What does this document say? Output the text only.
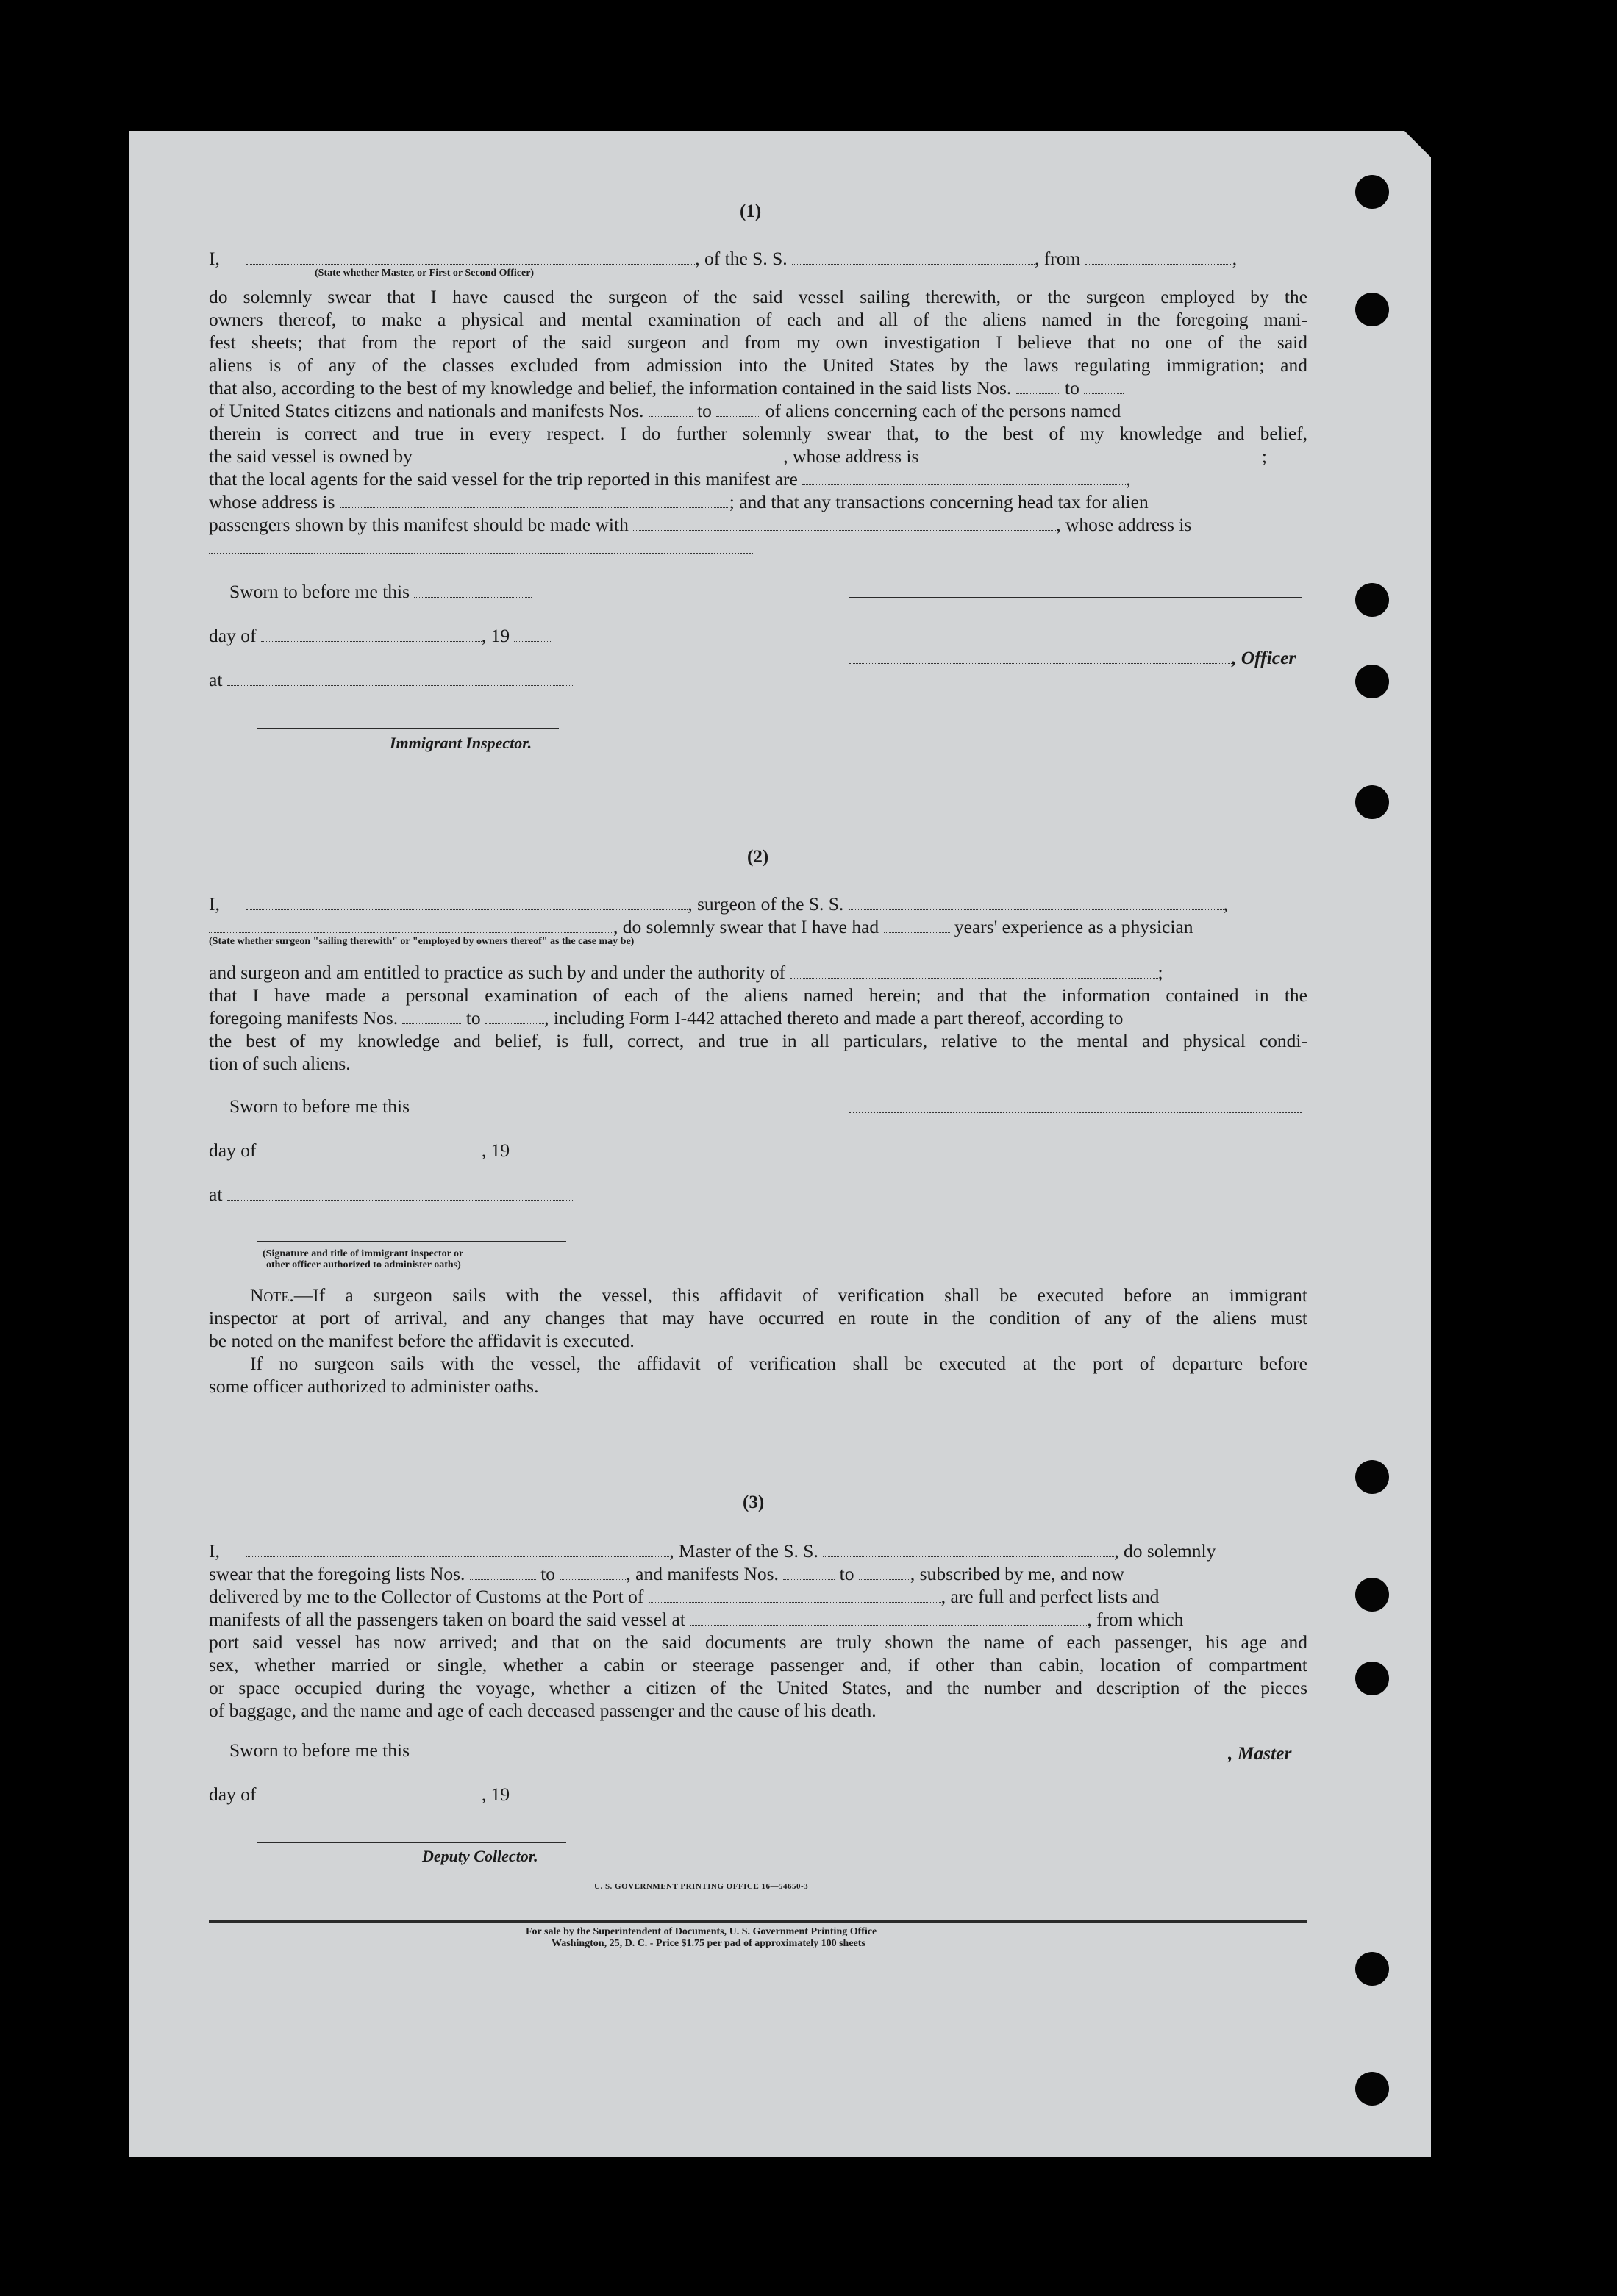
(1)
I,	, of the S. S.	, from	,
(State whether Master, or First or Second Officer)
do solemnly swear that I have caused the surgeon of the said vessel sailing therewith, or the surgeon employed by the
owners thereof, to make a physical and mental examination of each and all of the aliens named in the foregoing mani-
fest sheets; that from the report of the said surgeon and from my own investigation I believe that no one of the said
aliens is of any of the classes excluded from admission into the United States by the laws regulating immigration; and
that also, according to the best of my knowledge and belief, the information contained in the said lists Nos.	to
of United States citizens and nationals and manifests Nos.	to	of aliens concerning each of the persons named
therein is correct and true in every respect. I do further solemnly swear that, to the best of my knowledge and belief,
the said vessel is owned by	, whose address is	;
that the local agents for the said vessel for the trip reported in this manifest are	,
whose address is	; and that any transactions concerning head tax for alien
passengers shown by this manifest should be made with	, whose address is
Sworn to before me this
day of	, 19
, Officer
at
Immigrant Inspector.
(2)
I,	, surgeon of the S. S.	,
, do solemnly swear that I have had	years' experience as a physician
(State whether surgeon "sailing therewith" or "employed by owners thereof" as the case may be)
and surgeon and am entitled to practice as such by and under the authority of	;
that I have made a personal examination of each of the aliens named herein; and that the information contained in the
foregoing manifests Nos.	to	, including Form I-442 attached thereto and made a part thereof, according to
the best of my knowledge and belief, is full, correct, and true in all particulars, relative to the mental and physical condi-
tion of such aliens.
Sworn to before me this
day of	, 19
at
(Signature and title of immigrant inspector or
other officer authorized to administer oaths)
Note.—If a surgeon sails with the vessel, this affidavit of verification shall be executed before an immigrant
inspector at port of arrival, and any changes that may have occurred en route in the condition of any of the aliens must
be noted on the manifest before the affidavit is executed.
If no surgeon sails with the vessel, the affidavit of verification shall be executed at the port of departure before
some officer authorized to administer oaths.
(3)
I,	, Master of the S. S.	, do solemnly
swear that the foregoing lists Nos.	to	, and manifests Nos.	to	, subscribed by me, and now
delivered by me to the Collector of Customs at the Port of	, are full and perfect lists and
manifests of all the passengers taken on board the said vessel at	, from which
port said vessel has now arrived; and that on the said documents are truly shown the name of each passenger, his age and
sex, whether married or single, whether a cabin or steerage passenger and, if other than cabin, location of compartment
or space occupied during the voyage, whether a citizen of the United States, and the number and description of the pieces
of baggage, and the name and age of each deceased passenger and the cause of his death.
Sworn to before me this	, Master
day of	, 19
Deputy Collector.
U. S. GOVERNMENT PRINTING OFFICE 16—54650-3
For sale by the Superintendent of Documents, U. S. Government Printing Office
Washington, 25, D. C. - Price $1.75 per pad of approximately 100 sheets
